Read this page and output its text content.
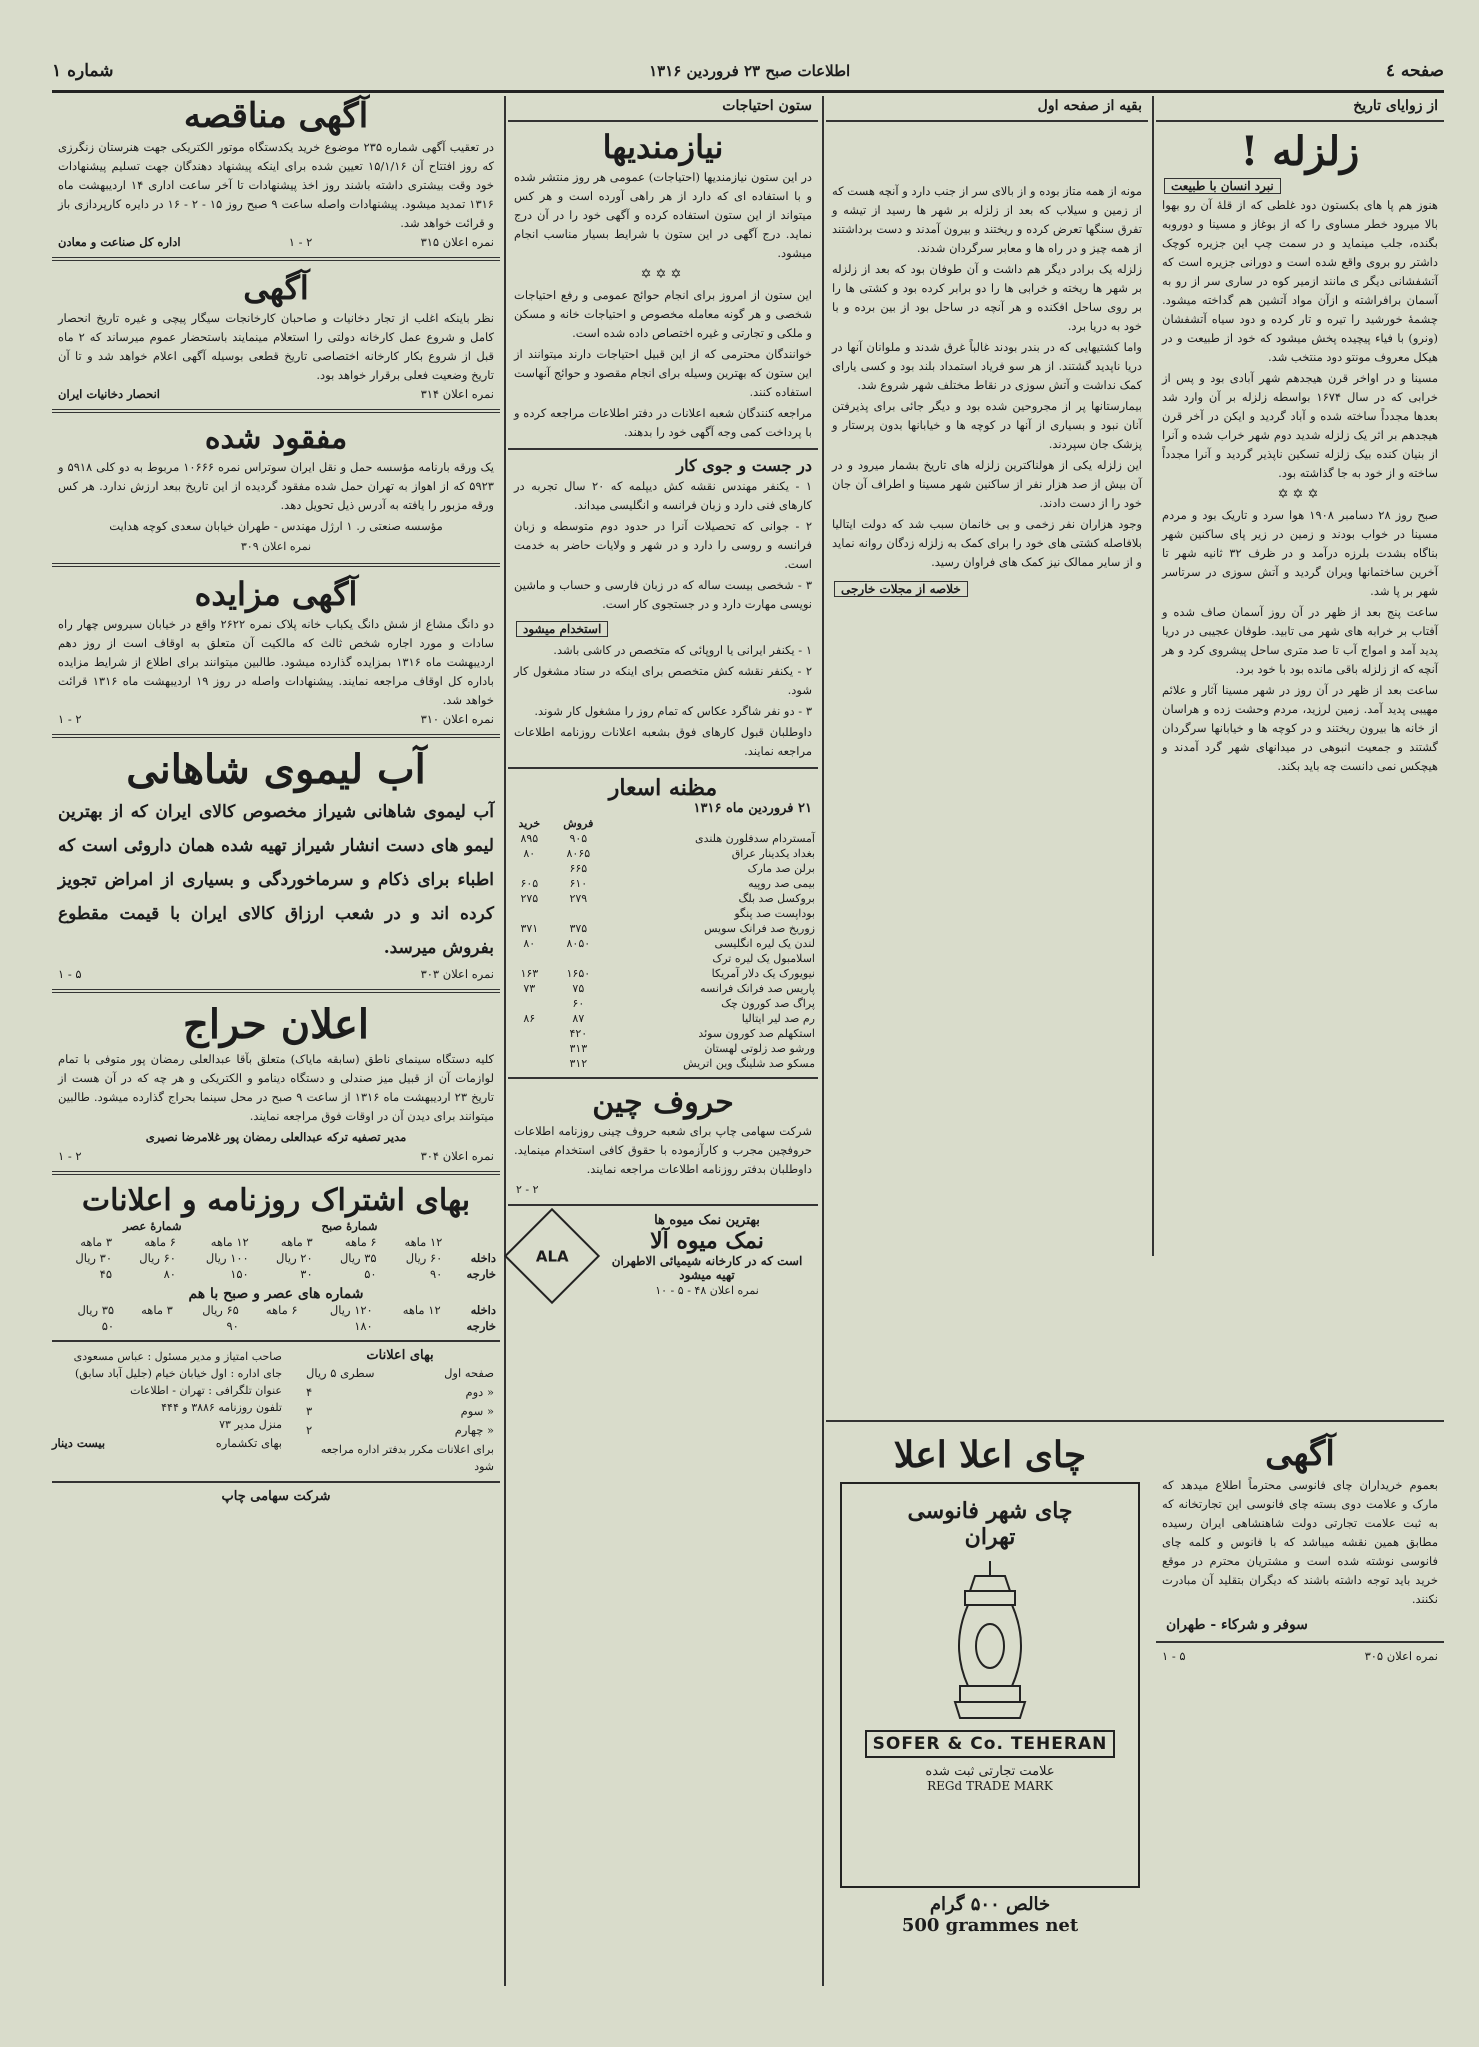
صفحه ٤
اطلاعات صبح ۲۳ فروردین ۱۳۱۶
شماره ۱
از زوایای تاریخ
زلزله !
نبرد انسان با طبیعت

هنوز هم پا های بکستون دود غلطی که از قلهٔ آن رو بهوا بالا میرود خطر مساوی را که از بوغاز و مسینا و دوروبه بگنده، جلب مینماید و در سمت چپ این جزیره کوچک داشتر رو بروی واقع شده است و دورانی جزیره است که آتشفشانی دیگر ی مانند ازمیر کوه در ساری سر از رو به آسمان برافراشته و ازآن مواد آتشین هم گداخته میشود. چشمهٔ خورشید را تیره و تار کرده و دود سیاه آتشفشان (ونرو) با فیاء پیچیده پخش میشود که خود از طبیعت و در هیکل معروف مونتو دود منتخب شد.

مسینا و در اواخر قرن هیجدهم شهر آبادی بود و پس از خرابی که در سال ۱۶۷۴ بواسطه زلزله بر آن وارد شد بعدها مجدداً ساخته شده و آباد گردید و ایکن در آخر قرن هیجدهم بر اثر یک زلزله شدید دوم شهر خراب شده و آنرا از بنیان کنده بیک زلزله تسکین ناپذیر گردید و آنرا مجدداً ساخته و از خود به جا گذاشته بود.

✡✡✡

صبح روز ۲۸ دسامبر ۱۹۰۸ هوا سرد و تاریک بود و مردم مسینا در خواب بودند و زمین در زیر پای ساکنین شهر بناگاه بشدت بلرزه درآمد و در ظرف ۳۲ ثانیه شهر تا آخرین ساختمانها ویران گردید و آتش سوزی در سرتاسر شهر بر پا شد.

ساعت پنج بعد از ظهر در آن روز آسمان صاف شده و آفتاب بر خرابه های شهر می تابید. طوفان عجیبی در دریا پدید آمد و امواج آب تا صد متری ساحل پیشروی کرد و هر آنچه که از زلزله باقی مانده بود با خود برد.

ساعت بعد از ظهر در آن روز در شهر مسینا آثار و علائم مهیبی پدید آمد. زمین لرزید، مردم وحشت زده و هراسان از خانه ها بیرون ریختند و در کوچه ها و خیابانها سرگردان گشتند و جمعیت انبوهی در میدانهای شهر گرد آمدند و هیچکس نمی دانست چه باید بکند.

بقیه از صفحه اول

مونه از همه متاز بوده و از بالای سر از جنب دارد و آنچه هست که از زمین و سیلاب که بعد از زلزله بر شهر ها رسید از تیشه و تفرق سنگها تعرض کرده و ریختند و بیرون آمدند و دست برداشتند از همه چیز و در راه ها و معابر سرگردان شدند.

زلزله یک برادر دیگر هم داشت و آن طوفان بود که بعد از زلزله بر شهر ها ریخته و خرابی ها را دو برابر کرده بود و کشتی ها را بر روی ساحل افکنده و هر آنچه در ساحل بود از بین برده و با خود به دریا برد.

واما کشتیهایی که در بندر بودند غالباً غرق شدند و ملوانان آنها در دریا ناپدید گشتند. از هر سو فریاد استمداد بلند بود و کسی یارای کمک نداشت و آتش سوزی در نقاط مختلف شهر شروع شد.

بیمارستانها پر از مجروحین شده بود و دیگر جائی برای پذیرفتن آنان نبود و بسیاری از آنها در کوچه ها و خیابانها بدون پرستار و پزشک جان سپردند.

این زلزله یکی از هولناکترین زلزله های تاریخ بشمار میرود و در آن بیش از صد هزار نفر از ساکنین شهر مسینا و اطراف آن جان خود را از دست دادند.

وجود هزاران نفر زخمی و بی خانمان سبب شد که دولت ایتالیا بلافاصله کشتی های خود را برای کمک به زلزله زدگان روانه نماید و از سایر ممالک نیز کمک های فراوان رسید.

خلاصه از مجلات خارجی
چای اعلا اعلا
چای شهر فانوسی
تهران
SOFER & Co. TEHERAN
علامت تجارتی ثبت شده
REGd TRADE MARK
خالص ۵۰۰ گرام
500 grammes net
آگهی

بعموم خریداران چای فانوسی محترماً اطلاع میدهد که مارک و علامت دوی بسته چای فانوسی این تجارتخانه که به ثبت علامت تجارتی دولت شاهنشاهی ایران رسیده مطابق همین نقشه میباشد که با فانوس و کلمه چای فانوسی نوشته شده است و مشتریان محترم در موقع خرید باید توجه داشته باشند که دیگران بتقلید آن مبادرت نکنند.

سوفر و شرکاء - طهران
نمره اعلان ۳۰۵
۵ - ۱
ستون احتیاجات
نیازمندیها

در این ستون نیازمندیها (احتیاجات) عمومی هر روز منتشر شده و با استفاده ای که دارد از هر راهی آورده است و هر کس میتواند از این ستون استفاده کرده و آگهی خود را در آن درج نماید. درج آگهی در این ستون با شرایط بسیار مناسب انجام میشود.

✡✡✡

این ستون از امروز برای انجام حوائج عمومی و رفع احتیاجات شخصی و هر گونه معامله مخصوص و احتیاجات خانه و مسکن و ملکی و تجارتی و غیره اختصاص داده شده است.

خوانندگان محترمی که از این قبیل احتیاجات دارند میتوانند از این ستون که بهترین وسیله برای انجام مقصود و حوائج آنهاست استفاده کنند.

مراجعه کنندگان شعبه اعلانات در دفتر اطلاعات مراجعه کرده و با پرداخت کمی وجه آگهی خود را بدهند.

در جست و جوی کار

۱ - یکنفر مهندس نقشه کش دیپلمه که ۲۰ سال تجربه در کارهای فنی دارد و زبان فرانسه و انگلیسی میداند.

۲ - جوانی که تحصیلات آنرا در حدود دوم متوسطه و زبان فرانسه و روسی را دارد و در شهر و ولایات حاضر به خدمت است.

۳ - شخصی بیست ساله که در زبان فارسی و حساب و ماشین نویسی مهارت دارد و در جستجوی کار است.

استخدام میشود

۱ - یکنفر ایرانی یا اروپائی که متخصص در کاشی باشد.

۲ - یکنفر نقشه کش متخصص برای اینکه در ستاد مشغول کار شود.

۳ - دو نفر شاگرد عکاس که تمام روز را مشغول کار شوند.

داوطلبان قبول کارهای فوق بشعبه اعلانات روزنامه اطلاعات مراجعه نمایند.

مظنه اسعار
۲۱ فروردین ماه ۱۳۱۶
	فروش	خرید
آمستردام سدفلورن هلندی	۹۰۵	۸۹۵
بغداد یکدینار عراق	۸۰۶۵	۸۰
برلن صد مارک	۶۶۵	
بیمی صد روپیه	۶۱۰	۶۰۵
بروکسل صد بلگ	۲۷۹	۲۷۵
بوداپست صد پنگو		
زوریخ صد فرانک سویس	۳۷۵	۳۷۱
لندن یک لیره انگلیسی	۸۰۵۰	۸۰
اسلامبول یک لیره ترک		
نیویورک یک دلار آمریکا	۱۶۵۰	۱۶۳
پاریس صد فرانک فرانسه	۷۵	۷۳
پراگ صد کورون چک	۶۰	
رم صد لیر ایتالیا	۸۷	۸۶
استکهلم صد کورون سوئد	۴۲۰	
ورشو صد زلوتی لهستان	۳۱۳	
مسکو صد شلینگ وین اتریش	۳۱۲	
حروف چین

شرکت سهامی چاپ برای شعبه حروف چینی روزنامه اطلاعات حروفچین مجرب و کارآزموده با حقوق کافی استخدام مینماید. داوطلبان بدفتر روزنامه اطلاعات مراجعه نمایند.

۲ - ۲
بهترین نمک میوه ها
نمک میوه آلا
است که در کارخانه شیمیائی الاطهران تهیه میشود
نمره اعلان ۴۸ - ۵ - ۱۰
ALA
آگهی مناقصه

در تعقیب آگهی شماره ۲۳۵ موضوع خرید یکدستگاه موتور الکتریکی جهت هنرستان زنگرزی که روز افتتاح آن ۱۵/۱/۱۶ تعیین شده برای اینکه پیشنهاد دهندگان جهت تسلیم پیشنهادات خود وقت بیشتری داشته باشند روز اخذ پیشنهادات تا آخر ساعت اداری ۱۴ اردیبهشت ماه ۱۳۱۶ تمدید میشود. پیشنهادات واصله ساعت ۹ صبح روز ۱۵ - ۲ - ۱۶ در دایره کارپردازی باز و قرائت خواهد شد.

نمره اعلان ۳۱۵
۲ - ۱
اداره کل صناعت و معادن
آگهی

نظر باینکه اغلب از تجار دخانیات و صاحبان کارخانجات سیگار پیچی و غیره تاریخ انحصار کامل و شروع عمل کارخانه دولتی را استعلام مینمایند باستحضار عموم میرساند که ۲ ماه قبل از شروع بکار کارخانه اختصاصی تاریخ قطعی بوسیله آگهی اعلام خواهد شد و تا آن تاریخ وضعیت فعلی برقرار خواهد بود.

نمره اعلان ۳۱۴
انحصار دخانیات ایران
مفقود شده

یک ورقه بارنامه مؤسسه حمل و نقل ایران سوتراس نمره ۱۰۶۶۶ مربوط به دو کلی ۵۹۱۸ و ۵۹۲۳ که از اهواز به تهران حمل شده مفقود گردیده از این تاریخ ببعد ارزش ندارد. هر کس ورقه مزبور را یافته به آدرس ذیل تحویل دهد.

مؤسسه صنعتی ر. ۱ ارژل مهندس - طهران خیابان سعدی کوچه هدایت
نمره اعلان ۳۰۹
آگهی مزایده

دو دانگ مشاع از شش دانگ یکباب خانه پلاک نمره ۲۶۲۲ واقع در خیابان سیروس چهار راه سادات و مورد اجاره شخص ثالث که مالکیت آن متعلق به اوقاف است از روز دهم اردیبهشت ماه ۱۳۱۶ بمزایده گذارده میشود. طالبین میتوانند برای اطلاع از شرایط مزایده باداره کل اوقاف مراجعه نمایند. پیشنهادات واصله در روز ۱۹ اردیبهشت ماه ۱۳۱۶ قرائت خواهد شد.

نمره اعلان ۳۱۰
۲ - ۱
آب لیموی شاهانی

آب لیموی شاهانی شیراز مخصوص کالای ایران که از بهترین لیمو های دست انشار شیراز تهیه شده همان داروئی است که اطباء برای ذکام و سرماخوردگی و بسیاری از امراض تجویز کرده اند و در شعب ارزاق کالای ایران با قیمت مقطوع بفروش میرسد.

نمره اعلان ۳۰۳
۵ - ۱
اعلان حراج

کلیه دستگاه سینمای ناطق (سابقه مایاک) متعلق بآقا عبدالعلی رمضان پور متوفی با تمام لوازمات آن از قبیل میز صندلی و دستگاه دینامو و الکتریکی و هر چه که در آن هست از تاریخ ۲۳ اردیبهشت ماه ۱۳۱۶ از ساعت ۹ صبح در محل سینما بحراج گذارده میشود. طالبین میتوانند برای دیدن آن در اوقات فوق مراجعه نمایند.

مدیر تصفیه ترکه عبدالعلی رمضان پور غلامرضا نصیری
نمره اعلان ۳۰۴
۲ - ۱
بهای اشتراک روزنامه و اعلانات
	شمارهٔ صبح			شمارهٔ عصر		
	۱۲ ماهه	۶ ماهه	۳ ماهه	۱۲ ماهه	۶ ماهه	۳ ماهه
داخله	۶۰ ریال	۳۵ ریال	۲۰ ریال	۱۰۰ ریال	۶۰ ریال	۳۰ ریال
خارجه	۹۰	۵۰	۳۰	۱۵۰	۸۰	۴۵
شماره های عصر و صبح با هم
داخله	۱۲ ماهه	۱۲۰ ریال	۶ ماهه	۶۵ ریال	۳ ماهه	۳۵ ریال
خارجه		۱۸۰		۹۰		۵۰
بهای اعلانات
صفحه اول
سطری ۵ ریال
« دوم
۴
« سوم
۳
« چهارم
۲
برای اعلانات مکرر بدفتر اداره مراجعه شود
صاحب امتیاز و مدیر مسئول : عباس مسعودی
جای اداره : اول خیابان خیام (جلیل آباد سابق)
عنوان تلگرافی : تهران - اطلاعات
تلفون روزنامه ۳۸۸۶ و ۴۴۴
منزل مدیر ۷۳
بهای تکشماره
بیست دینار
شرکت سهامی چاپ
